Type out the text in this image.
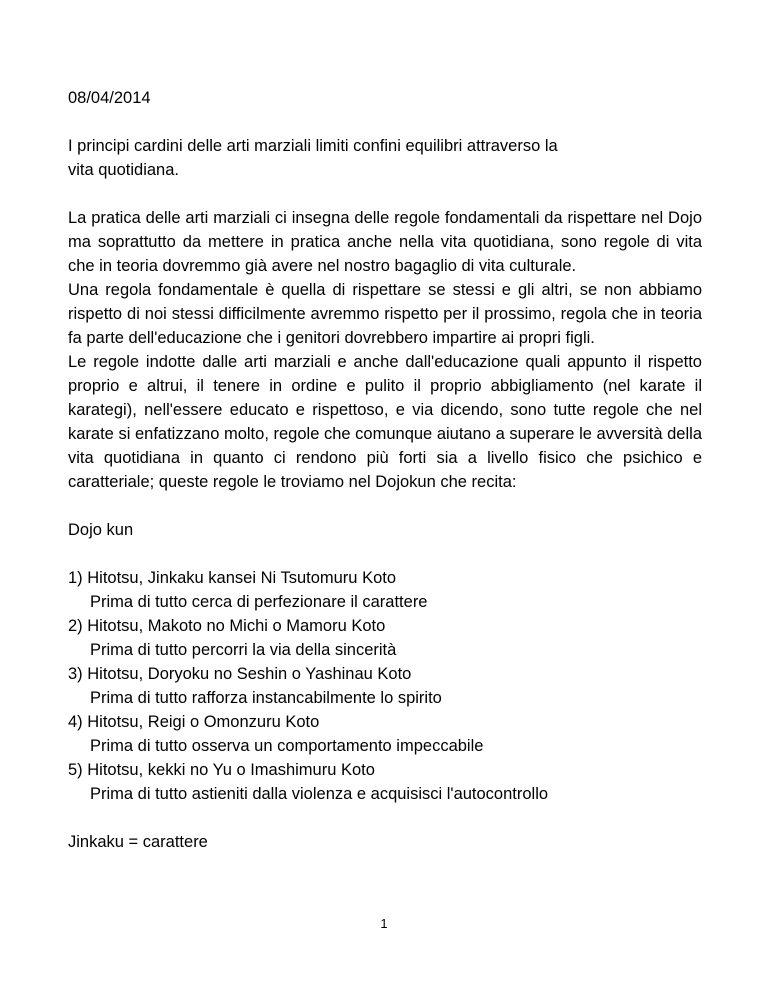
08/04/2014
I principi cardini delle arti marziali limiti confini equilibri attraverso la
vita quotidiana.
La pratica delle arti marziali ci insegna delle regole fondamentali da rispettare nel Dojo ma soprattutto da mettere in pratica anche nella vita quotidiana, sono regole di vita che in teoria dovremmo già avere nel nostro bagaglio di vita culturale.
Una regola fondamentale è quella di rispettare se stessi e gli altri, se non abbiamo rispetto di noi stessi difficilmente avremmo rispetto per il prossimo, regola che in teoria fa parte dell'educazione che i genitori dovrebbero impartire ai propri figli.
Le regole indotte dalle arti marziali e anche dall'educazione quali appunto il rispetto proprio e altrui, il tenere in ordine e pulito il proprio abbigliamento (nel karate il karategi), nell'essere educato e rispettoso, e via dicendo, sono tutte regole che nel karate si enfatizzano molto, regole che comunque aiutano a superare le avversità della vita quotidiana in quanto ci rendono più forti sia a livello fisico che psichico e caratteriale; queste regole le troviamo nel Dojokun che recita:
Dojo kun
1) Hitotsu, Jinkaku kansei Ni Tsutomuru Koto
Prima di tutto cerca di perfezionare il carattere
2) Hitotsu, Makoto no Michi o Mamoru Koto
Prima di tutto percorri la via della sincerità
3) Hitotsu, Doryoku no Seshin o Yashinau Koto
Prima di tutto rafforza instancabilmente lo spirito
4) Hitotsu, Reigi o Omonzuru Koto
Prima di tutto osserva un comportamento impeccabile
5) Hitotsu, kekki no Yu o Imashimuru Koto
Prima di tutto astieniti dalla violenza e acquisisci l'autocontrollo
Jinkaku = carattere
1
